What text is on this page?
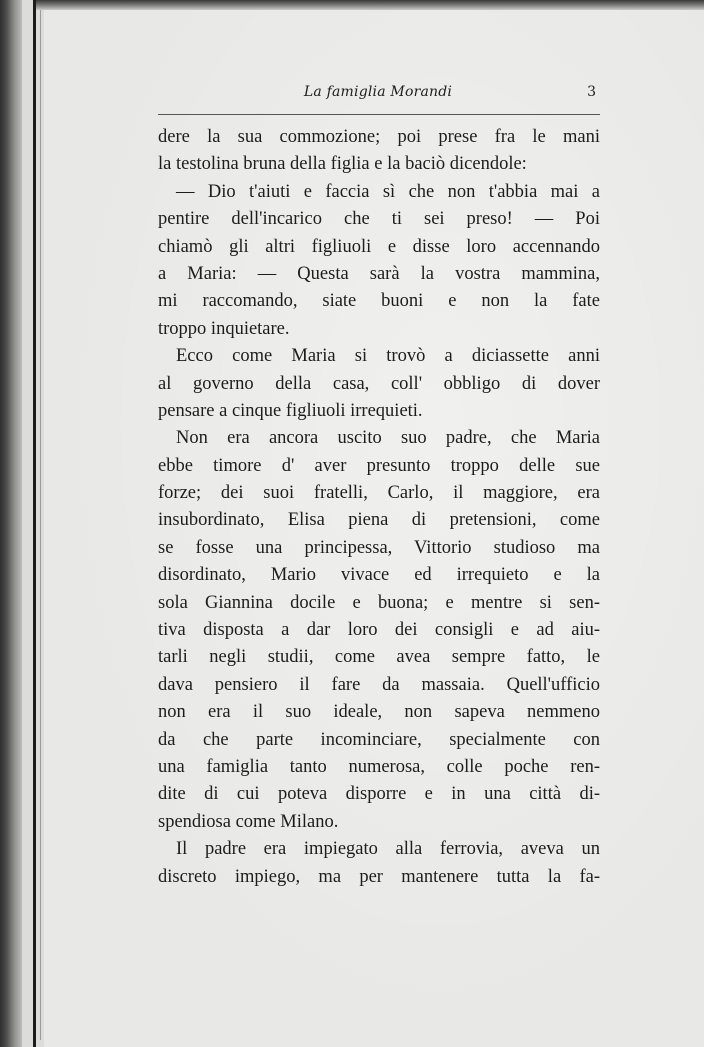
La famiglia Morandi	3
dere la sua commozione; poi prese fra le mani
la testolina bruna della figlia e la baciò dicendole:
— Dio t'aiuti e faccia sì che non t'abbia mai a
pentire dell'incarico che ti sei preso! — Poi
chiamò gli altri figliuoli e disse loro accennando
a Maria: — Questa sarà la vostra mammina,
mi raccomando, siate buoni e non la fate
troppo inquietare.
Ecco come Maria si trovò a diciassette anni
al governo della casa, coll' obbligo di dover
pensare a cinque figliuoli irrequieti.
Non era ancora uscito suo padre, che Maria
ebbe timore d' aver presunto troppo delle sue
forze; dei suoi fratelli, Carlo, il maggiore, era
insubordinato, Elisa piena di pretensioni, come
se fosse una principessa, Vittorio studioso ma
disordinato, Mario vivace ed irrequieto e la
sola Giannina docile e buona; e mentre si sen-
tiva disposta a dar loro dei consigli e ad aiu-
tarli negli studii, come avea sempre fatto, le
dava pensiero il fare da massaia. Quell'ufficio
non era il suo ideale, non sapeva nemmeno
da che parte incominciare, specialmente con
una famiglia tanto numerosa, colle poche ren-
dite di cui poteva disporre e in una città di-
spendiosa come Milano.
Il padre era impiegato alla ferrovia, aveva un
discreto impiego, ma per mantenere tutta la fa-
